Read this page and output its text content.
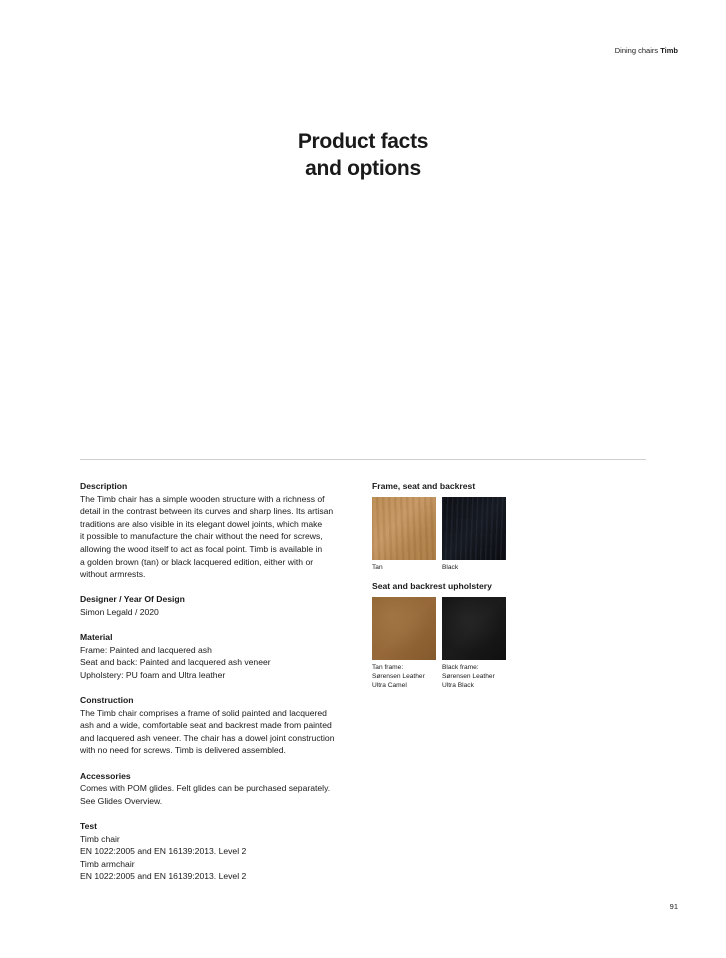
Dining chairs Timb
Product facts
and options
Description

The Timb chair has a simple wooden structure with a richness of

detail in the contrast between its curves and sharp lines. Its artisan

traditions are also visible in its elegant dowel joints, which make

it possible to manufacture the chair without the need for screws,

allowing the wood itself to act as focal point. Timb is available in

a golden brown (tan) or black lacquered edition, either with or

without armrests.

Designer / Year Of Design

Simon Legald / 2020

Material

Frame: Painted and lacquered ash

Seat and back: Painted and lacquered ash veneer

Upholstery: PU foam and Ultra leather

Construction

The Timb chair comprises a frame of solid painted and lacquered

ash and a wide, comfortable seat and backrest made from painted

and lacquered ash veneer. The chair has a dowel joint construction

with no need for screws. Timb is delivered assembled.

Accessories

Comes with POM glides. Felt glides can be purchased separately.

See Glides Overview.

Test

Timb chair

EN 1022:2005 and EN 16139:2013. Level 2

Timb armchair

EN 1022:2005 and EN 16139:2013. Level 2

Frame, seat and backrest
Tan	Black
Seat and backrest upholstery
Tan frame:
Sørensen Leather
Ultra Camel
Black frame:
Sørensen Leather
Ultra Black
91
